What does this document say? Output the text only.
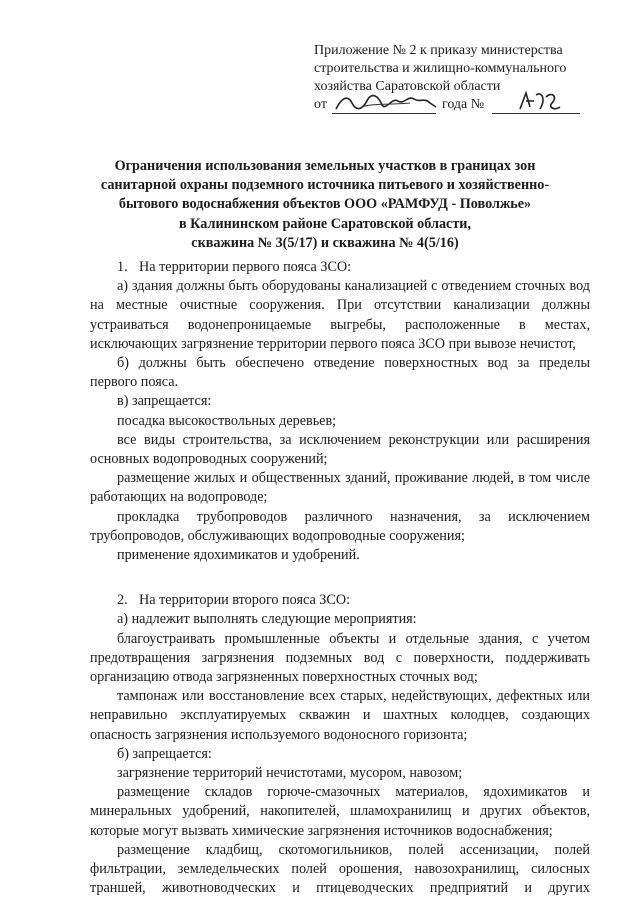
Приложение № 2 к приказу министерства
строительства и жилищно-коммунального
хозяйства Саратовской области
от	года №
Ограничения использования земельных участков в границах зон
санитарной охраны подземного источника питьевого и хозяйственно-
бытового водоснабжения объектов ООО «РАМФУД - Поволжье»
в Калининском районе Саратовской области,
скважина № 3(5/17) и скважина № 4(5/16)

1. На территории первого пояса ЗСО:

а) здания должны быть оборудованы канализацией с отведением сточных вод на местные очистные сооружения. При отсутствии канализации должны устраиваться водонепроницаемые выгребы, расположенные в местах, исключающих загрязнение территории первого пояса ЗСО при вывозе нечистот,

б) должны быть обеспечено отведение поверхностных вод за пределы первого пояса.

в) запрещается:

посадка высокоствольных деревьев;

все виды строительства, за исключением реконструкции или расширения основных водопроводных сооружений;

размещение жилых и общественных зданий, проживание людей, в том числе работающих на водопроводе;

прокладка трубопроводов различного назначения, за исключением трубопроводов, обслуживающих водопроводные сооружения;

применение ядохимикатов и удобрений.

2. На территории второго пояса ЗСО:

а) надлежит выполнять следующие мероприятия:

благоустраивать промышленные объекты и отдельные здания, с учетом предотвращения загрязнения подземных вод с поверхности, поддерживать организацию отвода загрязненных поверхностных сточных вод;

тампонаж или восстановление всех старых, недействующих, дефектных или неправильно эксплуатируемых скважин и шахтных колодцев, создающих опасность загрязнения используемого водоносного горизонта;

б) запрещается:

загрязнение территорий нечистотами, мусором, навозом;

размещение складов горюче-смазочных материалов, ядохимикатов и минеральных удобрений, накопителей, шламохранилищ и других объектов, которые могут вызвать химические загрязнения источников водоснабжения;

размещение кладбищ, скотомогильников, полей ассенизации, полей фильтрации, земледельческих полей орошения, навозохранилищ, силосных траншей, животноводческих и птицеводческих предприятий и других
